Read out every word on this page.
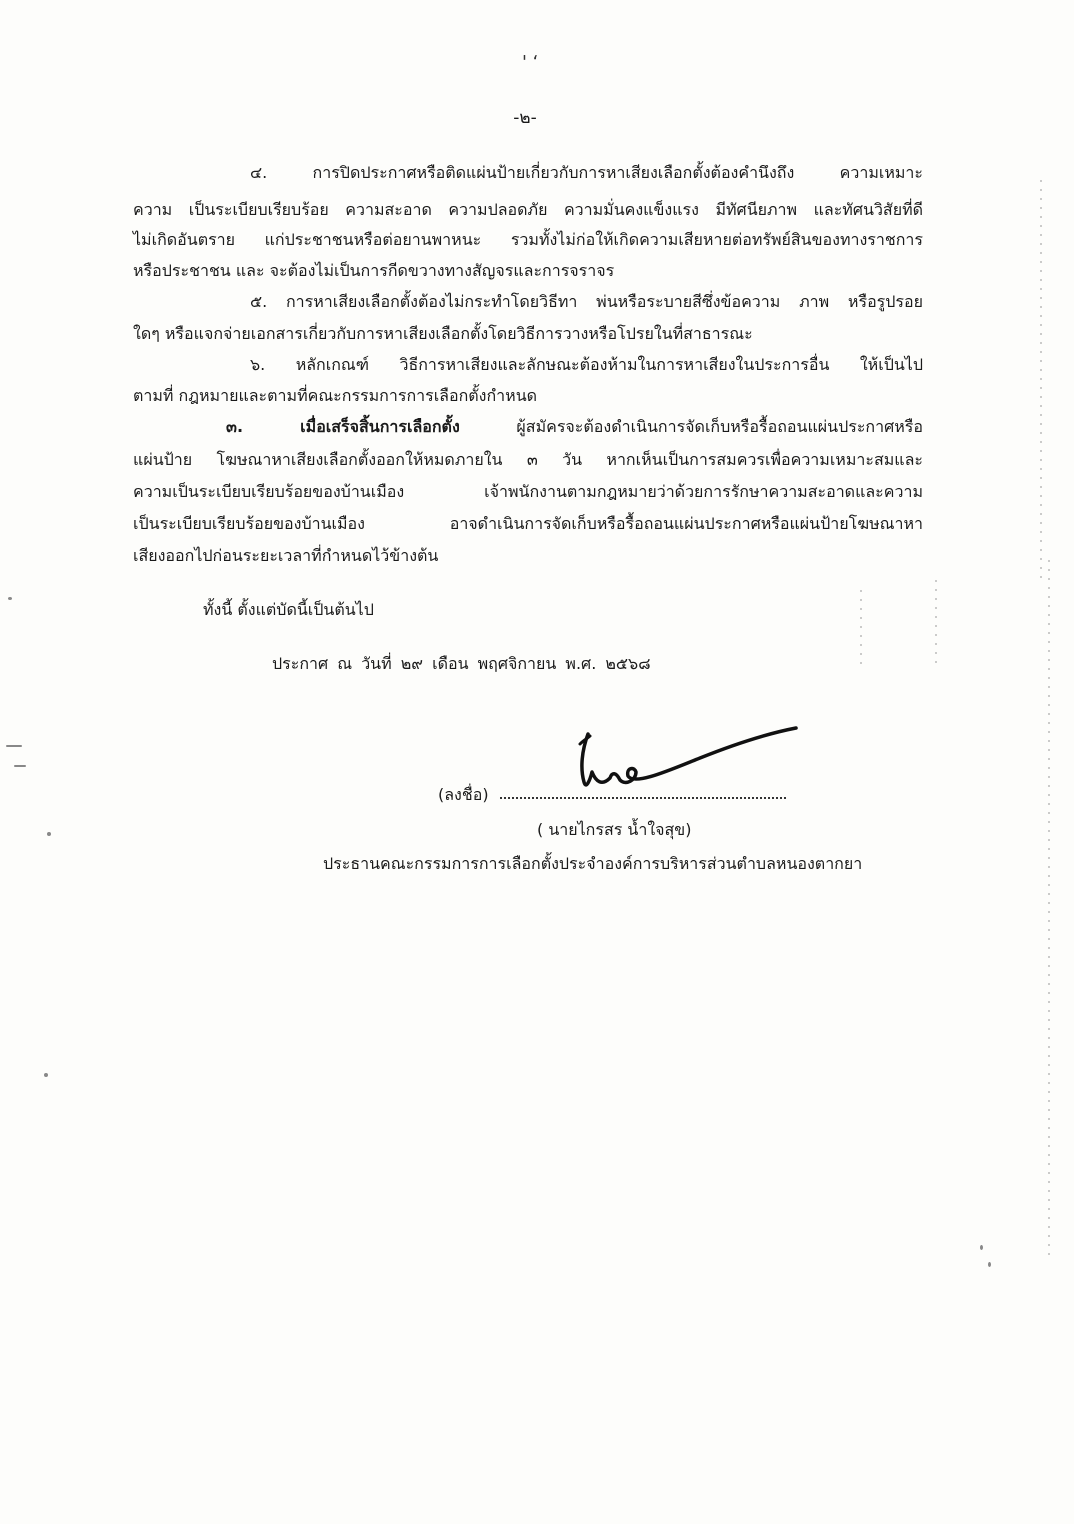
' ‘
-๒-
๔. การปิดประกาศหรือติดแผ่นป้ายเกี่ยวกับการหาเสียงเลือกตั้งต้องคำนึงถึง ความเหมาะ
ความ เป็นระเบียบเรียบร้อย ความสะอาด ความปลอดภัย ความมั่นคงแข็งแรง มีทัศนียภาพ และทัศนวิสัยที่ดี
ไม่เกิดอันตราย แก่ประชาชนหรือต่อยานพาหนะ รวมทั้งไม่ก่อให้เกิดความเสียหายต่อทรัพย์สินของทางราชการ
หรือประชาชน และ จะต้องไม่เป็นการกีดขวางทางสัญจรและการจราจร
๕. การหาเสียงเลือกตั้งต้องไม่กระทำโดยวิธีทา พ่นหรือระบายสีซึ่งข้อความ ภาพ หรือรูปรอย
ใดๆ หรือแจกจ่ายเอกสารเกี่ยวกับการหาเสียงเลือกตั้งโดยวิธีการวางหรือโปรยในที่สาธารณะ
๖. หลักเกณฑ์ วิธีการหาเสียงและลักษณะต้องห้ามในการหาเสียงในประการอื่น ให้เป็นไป
ตามที่ กฎหมายและตามที่คณะกรรมการการเลือกตั้งกำหนด
๓. เมื่อเสร็จสิ้นการเลือกตั้ง ผู้สมัครจะต้องดำเนินการจัดเก็บหรือรื้อถอนแผ่นประกาศหรือ
แผ่นป้าย โฆษณาหาเสียงเลือกตั้งออกให้หมดภายใน ๓ วัน หากเห็นเป็นการสมควรเพื่อความเหมาะสมและ
ความเป็นระเบียบเรียบร้อยของบ้านเมือง เจ้าพนักงานตามกฎหมายว่าด้วยการรักษาความสะอาดและความ
เป็นระเบียบเรียบร้อยของบ้านเมือง อาจดำเนินการจัดเก็บหรือรื้อถอนแผ่นประกาศหรือแผ่นป้ายโฆษณาหา
เสียงออกไปก่อนระยะเวลาที่กำหนดไว้ข้างต้น
ทั้งนี้ ตั้งแต่บัดนี้เป็นต้นไป
ประกาศ ณ วันที่ ๒๙ เดือน พฤศจิกายน พ.ศ. ๒๕๖๘
(ลงชื่อ)
( นายไกรสร น้ำใจสุข)
ประธานคณะกรรมการการเลือกตั้งประจำองค์การบริหารส่วนตำบลหนองตากยา
